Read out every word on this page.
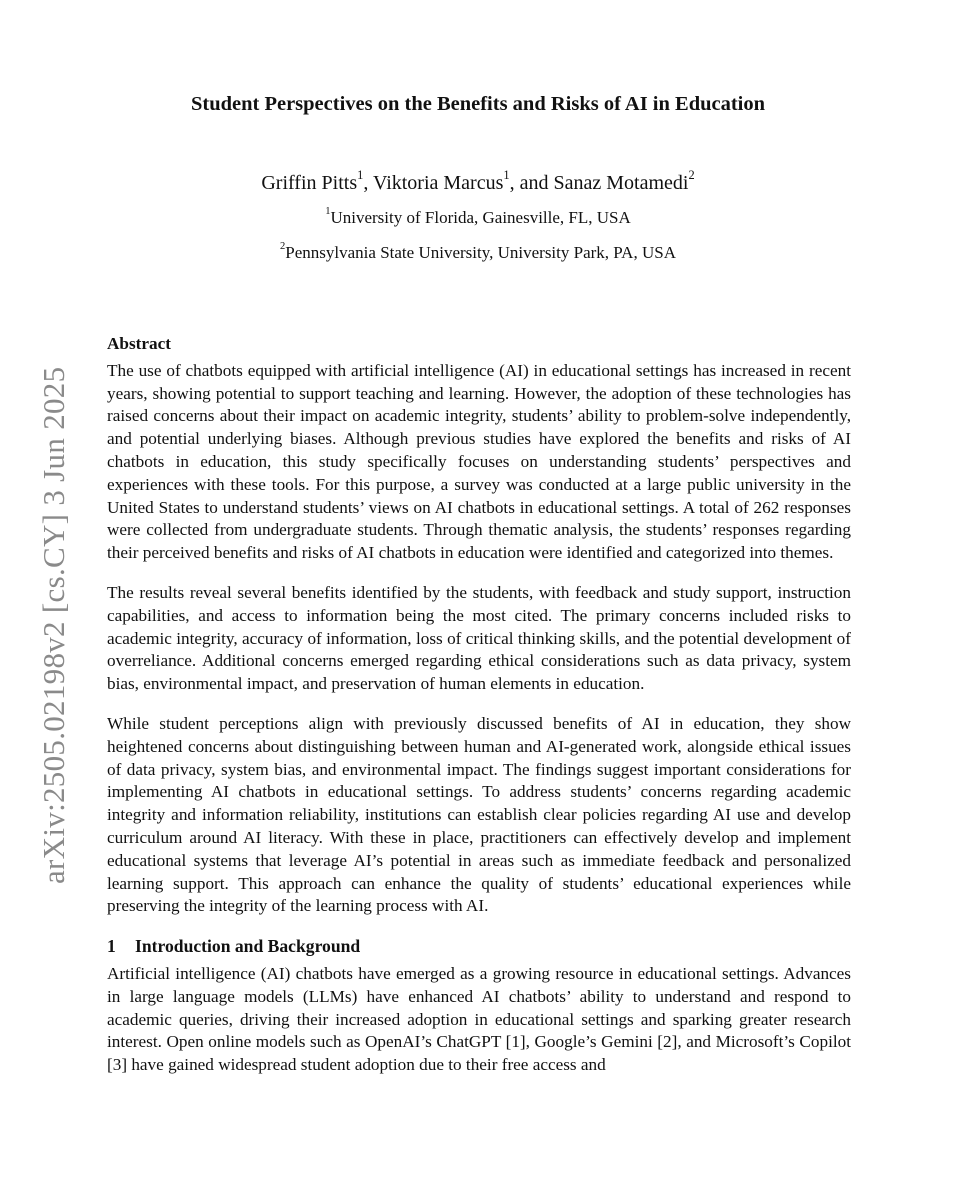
arXiv:2505.02198v2 [cs.CY] 3 Jun 2025
Student Perspectives on the Benefits and Risks of AI in Education
Griffin Pitts$^1$, Viktoria Marcus$^1$, and Sanaz Motamedi$^2$
$^1$University of Florida, Gainesville, FL, USA
$^2$Pennsylvania State University, University Park, PA, USA
Abstract

The use of chatbots equipped with artificial intelligence (AI) in educational settings has increased in recent years, showing potential to support teaching and learning. However, the adoption of these technologies has raised concerns about their impact on academic integrity, students’ ability to problem-solve independently, and potential underlying biases. Although previous studies have explored the benefits and risks of AI chatbots in education, this study specifically focuses on understanding students’ perspectives and experiences with these tools. For this purpose, a survey was conducted at a large public university in the United States to understand students’ views on AI chatbots in educational settings. A total of 262 responses were collected from undergraduate students. Through thematic analysis, the students’ responses regarding their perceived benefits and risks of AI chatbots in education were identified and categorized into themes.

The results reveal several benefits identified by the students, with feedback and study support, instruction capabilities, and access to information being the most cited. The primary concerns included risks to academic integrity, accuracy of information, loss of critical thinking skills, and the potential development of overreliance. Additional concerns emerged regarding ethical considerations such as data privacy, system bias, environmental impact, and preservation of human elements in education.

While student perceptions align with previously discussed benefits of AI in education, they show heightened concerns about distinguishing between human and AI-generated work, alongside ethical issues of data privacy, system bias, and environmental impact. The findings suggest important considerations for implementing AI chatbots in educational settings. To address students’ concerns regarding academic integrity and information reliability, institutions can establish clear policies regarding AI use and develop curriculum around AI literacy. With these in place, practitioners can effectively develop and implement educational systems that leverage AI’s potential in areas such as immediate feedback and personalized learning support. This approach can enhance the quality of students’ educational experiences while preserving the integrity of the learning process with AI.

1 Introduction and Background

Artificial intelligence (AI) chatbots have emerged as a growing resource in educational settings. Advances in large language models (LLMs) have enhanced AI chatbots’ ability to understand and respond to academic queries, driving their increased adoption in educational settings and sparking greater research interest. Open online models such as OpenAI’s ChatGPT [1], Google’s Gemini [2], and Microsoft’s Copilot [3] have gained widespread student adoption due to their free access and
